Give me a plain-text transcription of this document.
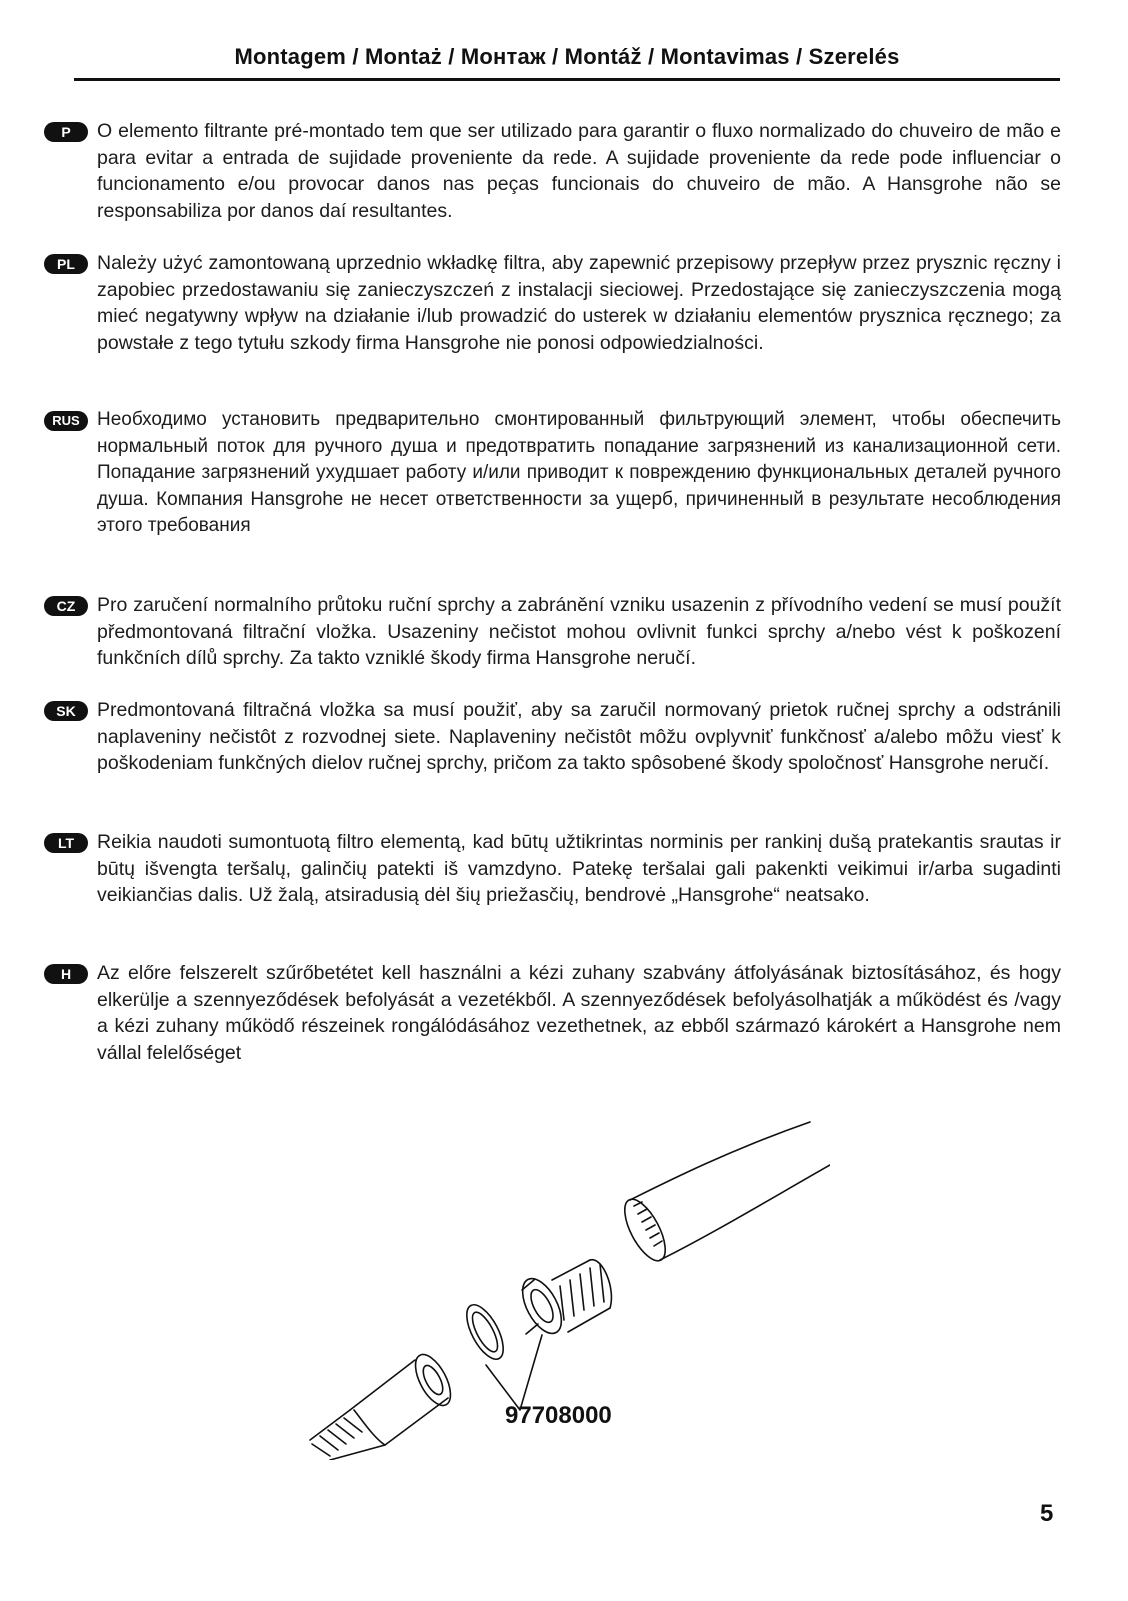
Montagem / Montaż / Монтаж / Montáž / Montavimas / Szerelés
P	O elemento filtrante pré-montado tem que ser utilizado para garantir o fluxo normalizado do chuveiro de mão e para evitar a entrada de sujidade proveniente da rede. A sujidade proveniente da rede pode influenciar o funcionamento e/ou provocar danos nas peças funcionais do chuveiro de mão. A Hansgrohe não se responsabiliza por danos daí resultantes.

PL	Należy użyć zamontowaną uprzednio wkładkę filtra, aby zapewnić przepisowy przepływ przez prysznic ręczny i zapobiec przedostawaniu się zanieczyszczeń z instalacji sieciowej. Przedostające się zanieczyszczenia mogą mieć negatywny wpływ na działanie i/lub prowadzić do usterek w działaniu elementów prysznica ręcznego; za powstałe z tego tytułu szkody firma Hansgrohe nie ponosi odpowiedzialności.

RUS Необходимо установить предварительно смонтированный фильтрующий элемент, чтобы обеспечить нормальный поток для ручного душа и предотвратить попадание загрязнений из канализационной сети. Попадание загрязнений ухудшает работу и/или приводит к повреждению функциональных деталей ручного душа. Компания Hansgrohe не несет ответственности за ущерб, причиненный в результате несоблюдения этого требования

CZ	Pro zaručení normalního průtoku ruční sprchy a zabránění vzniku usazenin z přívodního vedení se musí použít předmontovaná filtrační vložka. Usazeniny nečistot mohou ovlivnit funkci sprchy a/nebo vést k poškození funkčních dílů sprchy. Za takto vzniklé škody firma Hansgrohe neručí.

SK	Predmontovaná filtračná vložka sa musí použiť, aby sa zaručil normovaný prietok ručnej sprchy a odstránili naplaveniny nečistôt z rozvodnej siete. Naplaveniny nečistôt môžu ovplyvniť funkčnosť a/alebo môžu viesť k poškodeniam funkčných dielov ručnej sprchy, pričom za takto spôsobené škody spoločnosť Hansgrohe neručí.

LT	Reikia naudoti sumontuotą filtro elementą, kad būtų užtikrintas norminis per rankinį dušą pratekantis srautas ir būtų išvengta teršalų, galinčių patekti iš vamzdyno. Patekę teršalai gali pakenkti veikimui ir/arba sugadinti veikiančias dalis. Už žalą, atsiradusią dėl šių priežasčių, bendrovė „Hansgrohe“ neatsako.

H	Az előre felszerelt szűrőbetétet kell használni a kézi zuhany szabvány átfolyásának biztosításához, és hogy elkerülje a szennyeződések befolyását a vezetékből. A szennyeződések befolyásolhatják a működést és /vagy a kézi zuhany működő részeinek rongálódásához vezethetnek, az ebből származó károkért a Hansgrohe nem vállal felelőséget

97708000
5
